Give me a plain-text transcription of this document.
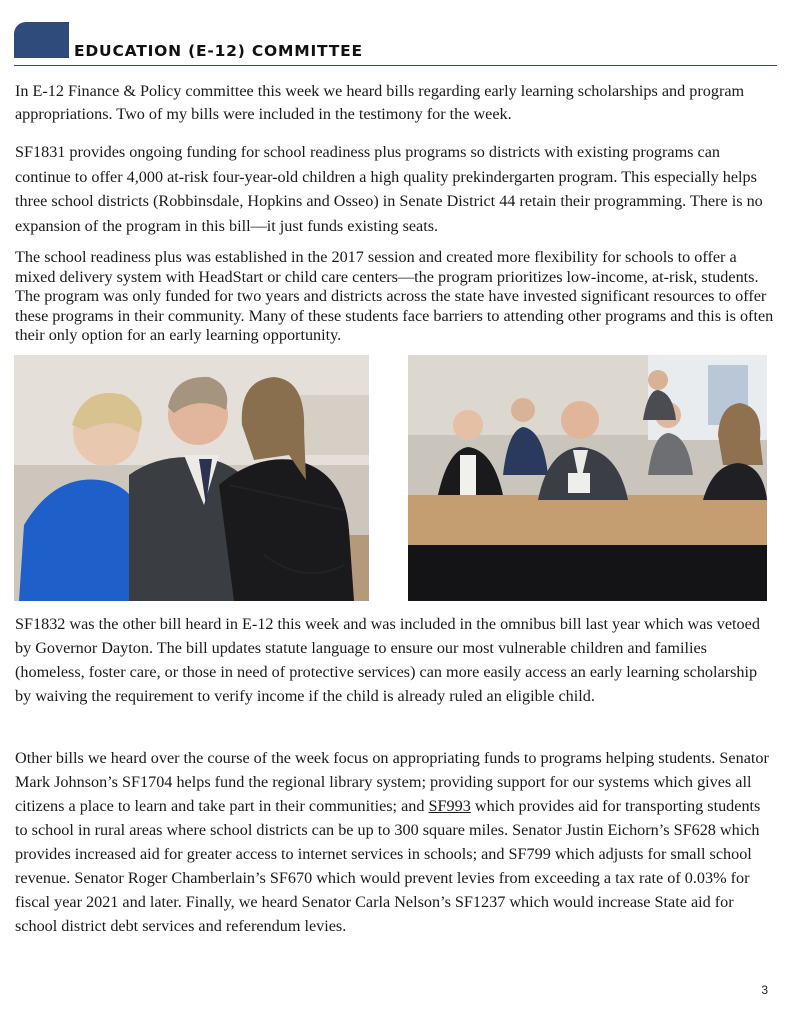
EDUCATION (E-12) COMMITTEE

In E-12 Finance & Policy committee this week we heard bills regarding early learning scholarships and program appropriations. Two of my bills were included in the testimony for the week.

SF1831 provides ongoing funding for school readiness plus programs so districts with existing programs can continue to offer 4,000 at-risk four-year-old children a high quality prekindergarten program. This especially helps three school districts (Robbinsdale, Hopkins and Osseo) in Senate District 44 retain their programming. There is no expansion of the program in this bill—it just funds existing seats.

The school readiness plus was established in the 2017 session and created more flexibility for schools to offer a mixed delivery system with HeadStart or child care centers—the program prioritizes low-income, at-risk, students. The program was only funded for two years and districts across the state have invested significant resources to offer these programs in their community. Many of these students face barriers to attending other programs and this is often their only option for an early learning opportunity.

SF1832 was the other bill heard in E-12 this week and was included in the omnibus bill last year which was vetoed by Governor Dayton. The bill updates statute language to ensure our most vulnerable children and families (homeless, foster care, or those in need of protective services) can more easily access an early learning scholarship by waiving the requirement to verify income if the child is already ruled an eligible child.

Other bills we heard over the course of the week focus on appropriating funds to programs helping students. Senator Mark Johnson’s SF1704 helps fund the regional library system; providing support for our systems which gives all citizens a place to learn and take part in their communities; and SF993 which provides aid for transporting students to school in rural areas where school districts can be up to 300 square miles. Senator Justin Eichorn’s SF628 which provides increased aid for greater access to internet services in schools; and SF799 which adjusts for small school revenue. Senator Roger Chamberlain’s SF670 which would prevent levies from exceeding a tax rate of 0.03% for fiscal year 2021 and later. Finally, we heard Senator Carla Nelson’s SF1237 which would increase State aid for school district debt services and referendum levies.

3
